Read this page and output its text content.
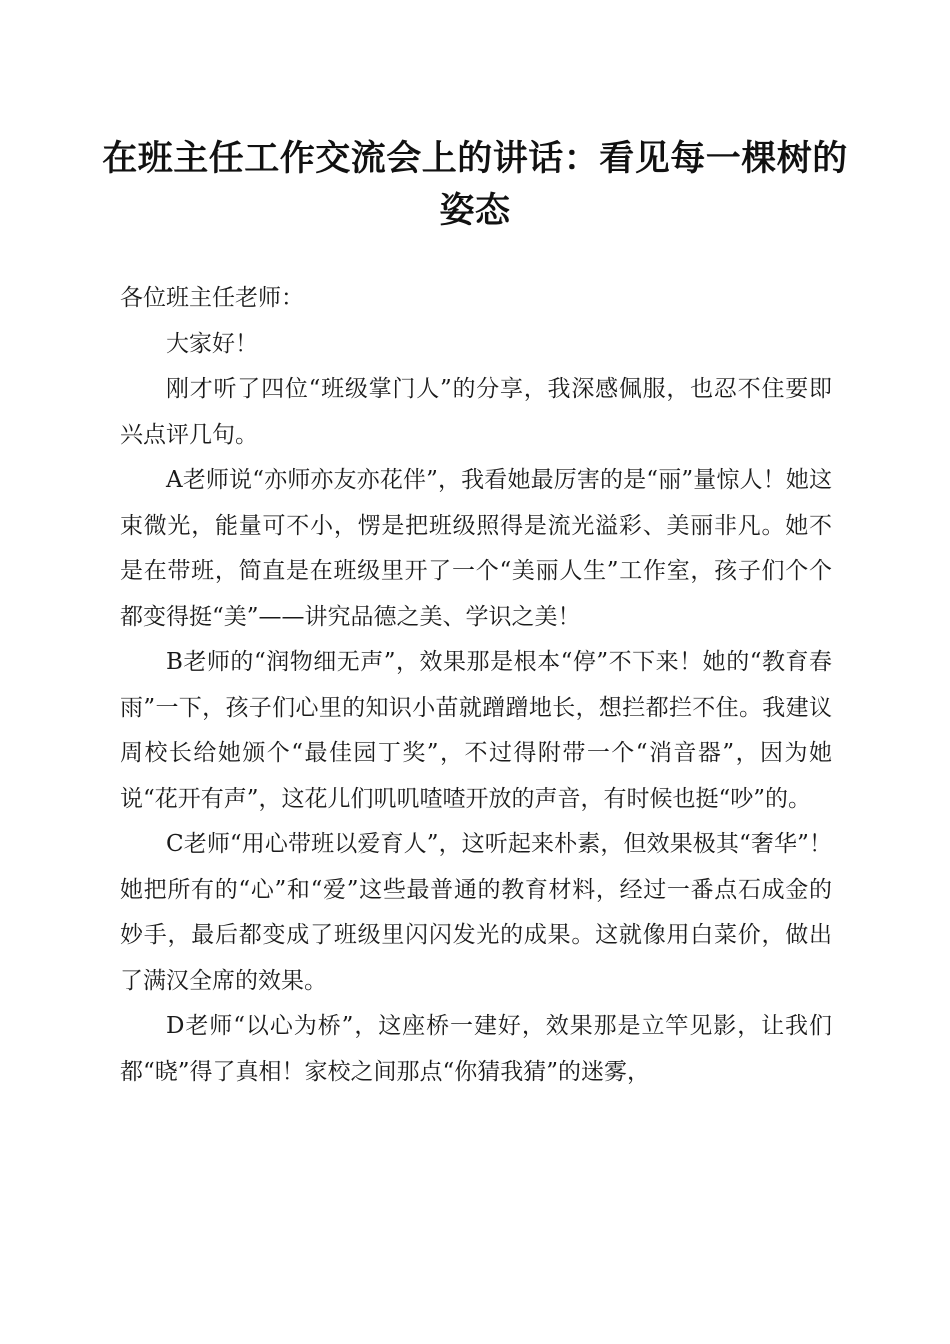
在班主任工作交流会上的讲话：看见每一棵树的姿态

各位班主任老师：

大家好！

刚才听了四位“班级掌门人”的分享，我深感佩服，也忍不住要即兴点评几句。

A老师说“亦师亦友亦花伴”，我看她最厉害的是“丽”量惊人！她这束微光，能量可不小，愣是把班级照得是流光溢彩、美丽非凡。她不是在带班，简直是在班级里开了一个“美丽人生”工作室，孩子们个个都变得挺“美”——讲究品德之美、学识之美！

B老师的“润物细无声”，效果那是根本“停”不下来！她的“教育春雨”一下，孩子们心里的知识小苗就蹭蹭地长，想拦都拦不住。我建议周校长给她颁个“最佳园丁奖”，不过得附带一个“消音器”，因为她说“花开有声”，这花儿们叽叽喳喳开放的声音，有时候也挺“吵”的。

C老师“用心带班以爱育人”，这听起来朴素，但效果极其“奢华”！她把所有的“心”和“爱”这些最普通的教育材料，经过一番点石成金的妙手，最后都变成了班级里闪闪发光的成果。这就像用白菜价，做出了满汉全席的效果。

D老师“以心为桥”，这座桥一建好，效果那是立竿见影，让我们都“晓”得了真相！家校之间那点“你猜我猜”的迷雾，
